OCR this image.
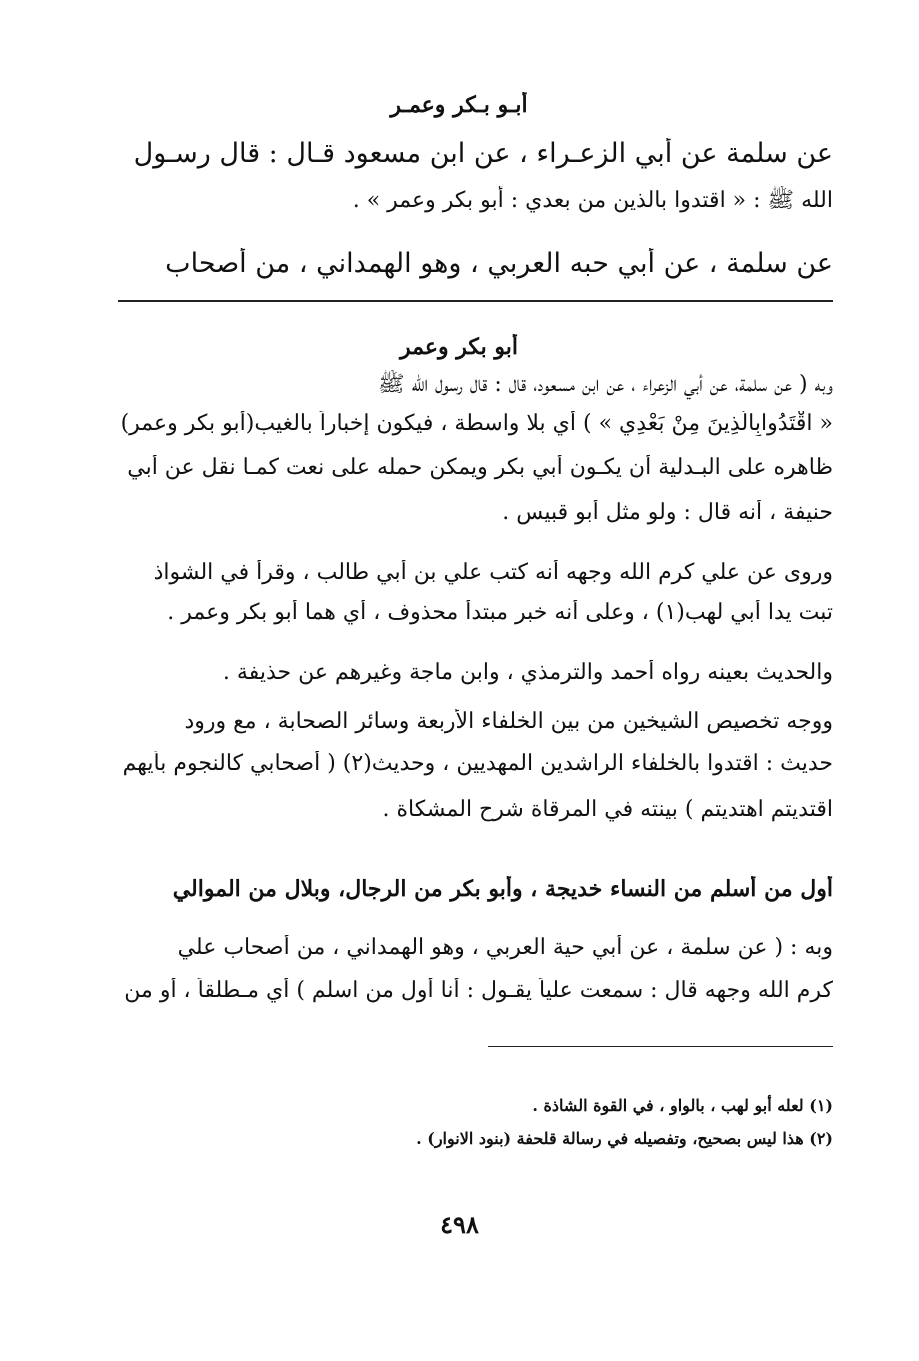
أبـو بـكر وعمـر
عن سلمة عن أبي الزعـراء ، عن ابن مسعود قـال : قال رسـول
الله ﷺ : « اقتدوا بالذين من بعدي : أبو بكر وعمر » .
عن سلمة ، عن أبي حبه العربي ، وهو الهمداني ، من أصحاب
أبو بكر وعمر
وبه ( عن سلمة، عن أبي الزعراء ، عن ابن مسعود، قال : قال رسول الله ﷺ
« اقْتَدُوابِالَّذِينَ مِنْ بَعْدِي » ) أي بلا واسطة ، فيكون إخباراً بالغيب(أبو بكر وعمر)
ظاهره على البـدلية أن يكـون أبي بكر ويمكن حمله على نعت كمـا نقل عن أبي
حنيفة ، أنه قال : ولو مثل أبو قبيس .
وروى عن علي كرم الله وجهه أنه كتب علي بن أبي طالب ، وقرأ في الشواذ
تبت يدا أبي لهب(١) ، وعلى أنه خبر مبتدأ محذوف ، أي هما أبو بكر وعمر .
والحديث بعينه رواه أحمد والترمذي ، وابن ماجة وغيرهم عن حذيفة .
ووجه تخصيص الشيخين من بين الخلفاء الأربعة وسائر الصحابة ، مع ورود
حديث : اقتدوا بالخلفاء الراشدين المهديين ، وحديث(٢) ( أصحابي كالنجوم بأيهم
اقتديتم اهتديتم ) بينته في المرقاة شرح المشكاة .
أول من أسلم من النساء خديجة ، وأبو بكر من الرجال، وبلال من الموالي
وبه : ( عن سلمة ، عن أبي حية العربي ، وهو الهمداني ، من أصحاب علي
كرم الله وجهه قال : سمعت علياً يقـول : أنا أول من اسلم ) أي مـطلقاً ، أو من
(١) لعله أبو لهب ، بالواو ، في القوة الشاذة .
(٢) هذا ليس بصحيح، وتفصيله في رسالة قلحفة (بنود الانوار) .
٤٩٨
